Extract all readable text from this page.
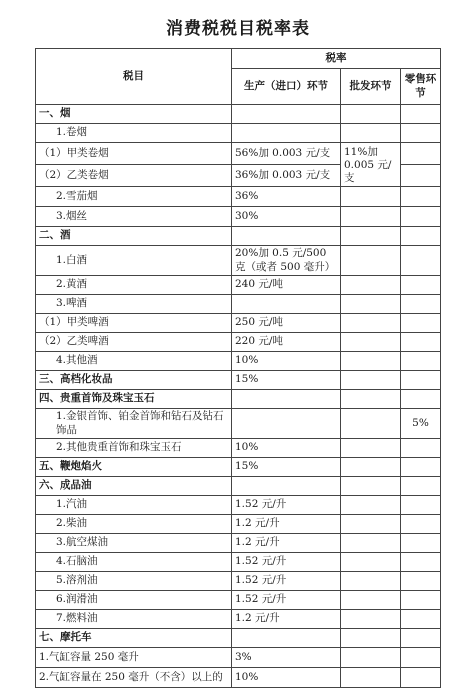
消费税税目税率表
税目	税率		
	生产（进口）环节	批发环节	零售环节
一、烟			
1.卷烟			
（1）甲类卷烟	56%加 0.003 元/支	11%加 0.005 元/支	
（2）乙类卷烟	36%加 0.003 元/支		
2.雪茄烟	36%		
3.烟丝	30%		
二、酒			
1.白酒	20%加 0.5 元/500 克（或者 500 毫升）		
2.黄酒	240 元/吨		
3.啤酒			
（1）甲类啤酒	250 元/吨		
（2）乙类啤酒	220 元/吨		
4.其他酒	10%		
三、高档化妆品	15%		
四、贵重首饰及珠宝玉石			
1.金银首饰、铂金首饰和钻石及钻石饰品			5%
2.其他贵重首饰和珠宝玉石	10%		
五、鞭炮焰火	15%		
六、成品油			
1.汽油	1.52 元/升		
2.柴油	1.2 元/升		
3.航空煤油	1.2 元/升		
4.石脑油	1.52 元/升		
5.溶剂油	1.52 元/升		
6.润滑油	1.52 元/升		
7.燃料油	1.2 元/升		
七、摩托车			
1.气缸容量 250 毫升	3%		
2.气缸容量在 250 毫升（不含）以上的	10%		
